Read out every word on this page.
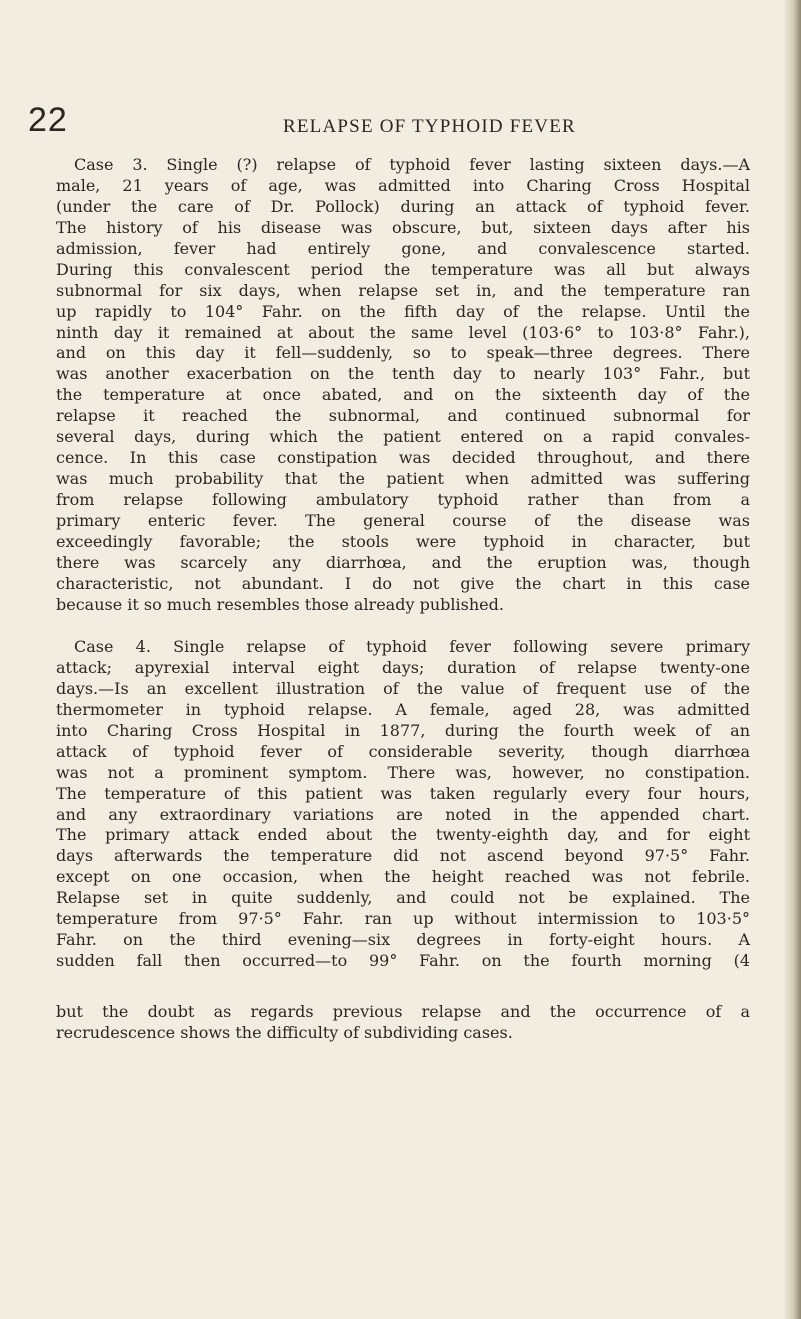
22	RELAPSE OF TYPHOID FEVER
Case 3. Single (?) relapse of typhoid fever lasting sixteen days.—A
male, 21 years of age, was admitted into Charing Cross Hospital
(under the care of Dr. Pollock) during an attack of typhoid fever.
The history of his disease was obscure, but, sixteen days after his
admission, fever had entirely gone, and convalescence started.
During this convalescent period the temperature was all but always
subnormal for six days, when relapse set in, and the temperature ran
up rapidly to 104° Fahr. on the fifth day of the relapse. Until the
ninth day it remained at about the same level (103·6° to 103·8° Fahr.),
and on this day it fell—suddenly, so to speak—three degrees. There
was another exacerbation on the tenth day to nearly 103° Fahr., but
the temperature at once abated, and on the sixteenth day of the
relapse it reached the subnormal, and continued subnormal for
several days, during which the patient entered on a rapid convales-
cence. In this case constipation was decided throughout, and there
was much probability that the patient when admitted was suffering
from relapse following ambulatory typhoid rather than from a
primary enteric fever. The general course of the disease was
exceedingly favorable; the stools were typhoid in character, but
there was scarcely any diarrhœa, and the eruption was, though
characteristic, not abundant. I do not give the chart in this case
because it so much resembles those already published.
Case 4. Single relapse of typhoid fever following severe primary
attack; apyrexial interval eight days; duration of relapse twenty-one
days.—Is an excellent illustration of the value of frequent use of the
thermometer in typhoid relapse. A female, aged 28, was admitted
into Charing Cross Hospital in 1877, during the fourth week of an
attack of typhoid fever of considerable severity, though diarrhœa
was not a prominent symptom. There was, however, no constipation.
The temperature of this patient was taken regularly every four hours,
and any extraordinary variations are noted in the appended chart.
The primary attack ended about the twenty-eighth day, and for eight
days afterwards the temperature did not ascend beyond 97·5° Fahr.
except on one occasion, when the height reached was not febrile.
Relapse set in quite suddenly, and could not be explained. The
temperature from 97·5° Fahr. ran up without intermission to 103·5°
Fahr. on the third evening—six degrees in forty-eight hours. A
sudden fall then occurred—to 99° Fahr. on the fourth morning (4
but the doubt as regards previous relapse and the occurrence of a
recrudescence shows the difficulty of subdividing cases.
